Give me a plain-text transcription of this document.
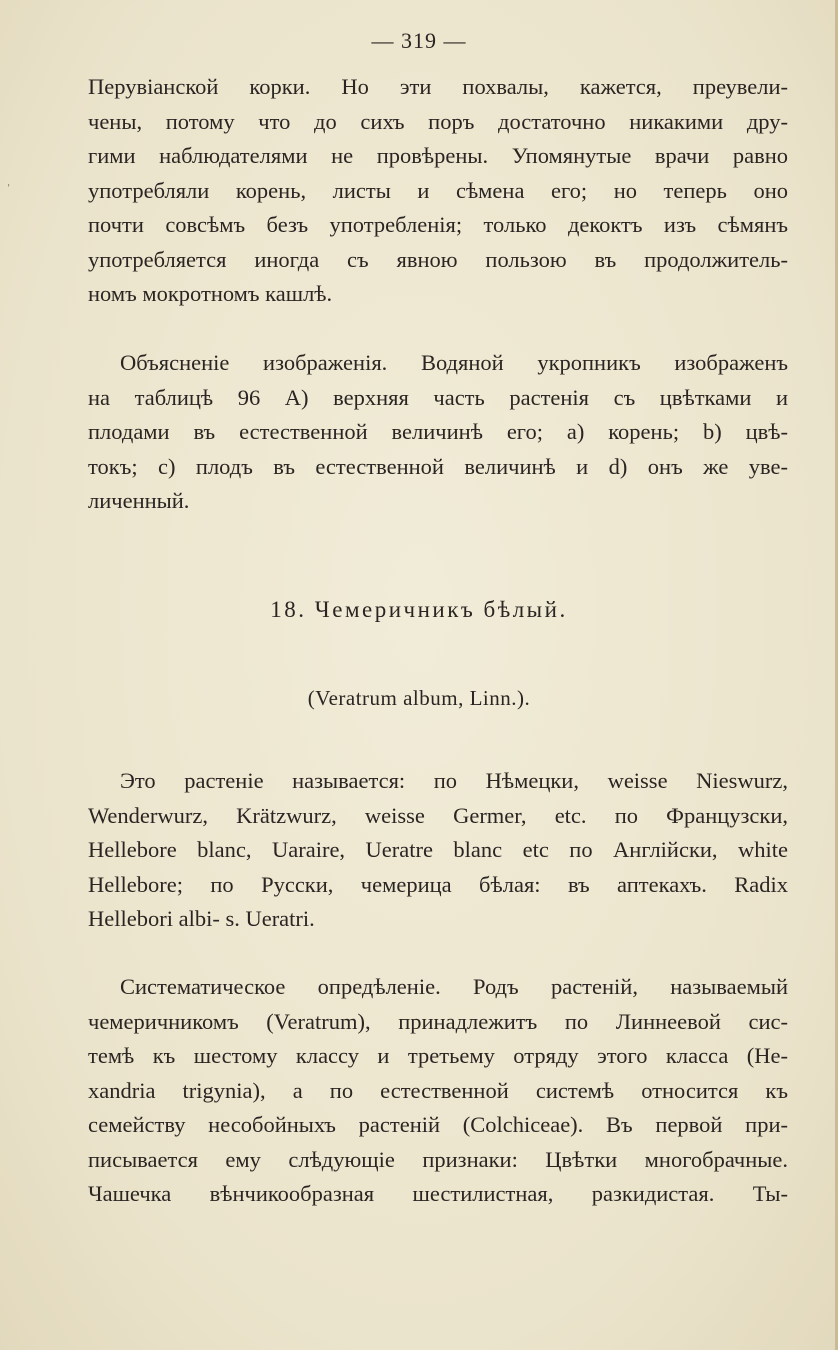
— 319 —
Перувіанской корки. Но эти похвалы, кажется, преувели-
чены, потому что до сихъ поръ достаточно никакими дру-
гими наблюдателями не провѣрены. Упомянутые врачи равно
употребляли корень, листы и сѣмена его; но теперь оно
почти совсѣмъ безъ употребленія; только декоктъ изъ сѣмянъ
употребляется иногда съ явною пользою въ продолжитель-
номъ мокротномъ кашлѣ.
Объясненіе изображенія. Водяной укропникъ изображенъ
на таблицѣ 96 A) верхняя часть растенія съ цвѣтками и
плодами въ естественной величинѣ его; a) корень; b) цвѣ-
токъ; c) плодъ въ естественной величинѣ и d) онъ же уве-
личенный.
18. Чемеричникъ бѣлый.
(Veratrum album, Linn.).
Это растеніе называется: по Нѣмецки, weisse Nieswurz,
Wenderwurz, Krätzwurz, weisse Germer, etc. по Французски,
Hellebore blanc, Uaraire, Ueratre blanc etc по Англійски, white
Hellebore; по Русски, чемерица бѣлая: въ аптекахъ. Radix
Hellebori albi- s. Ueratri.
Систематическое опредѣленіе. Родъ растеній, называемый
чемеричникомъ (Veratrum), принадлежитъ по Линнеевой сис-
темѣ къ шестому классу и третьему отряду этого класса (He-
xandria trigynia), а по естественной системѣ относится къ
семейству несобойныхъ растеній (Colchiceae). Въ первой при-
писывается ему слѣдующіе признаки: Цвѣтки многобрачные.
Чашечка вѣнчикообразная шестилистная, разкидистая. Ты-
ˈ
